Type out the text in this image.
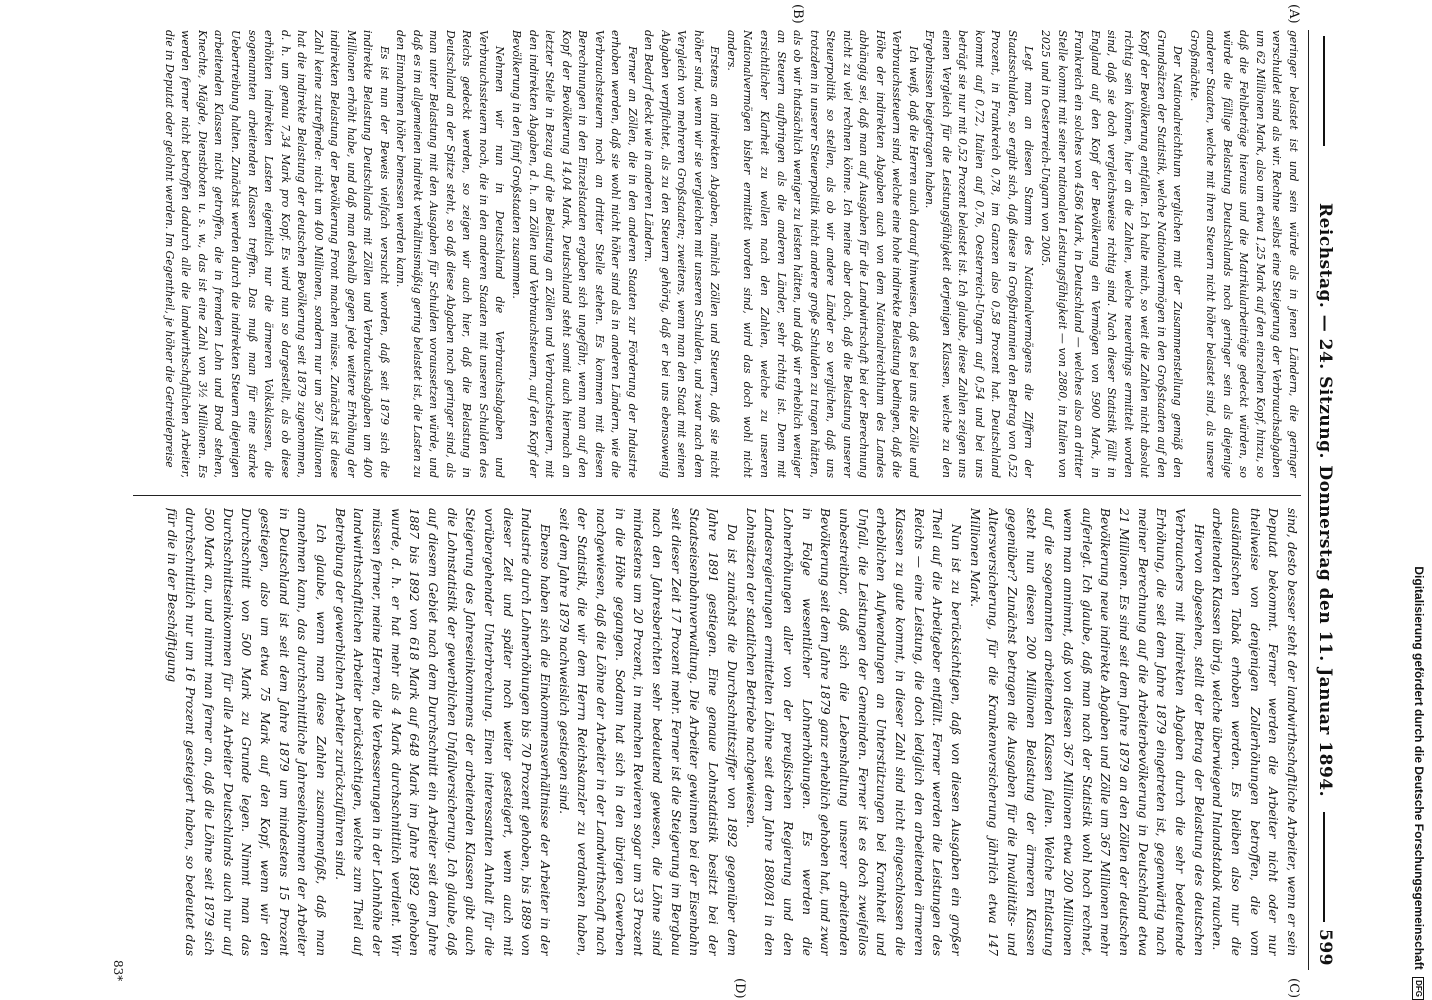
Digitalisierung gefördert durch die Deutsche Forschungsgemeinschaft DFG
Reichstag. — 24. Sitzung. Donnerstag den 11. Januar 1894.
599
(A)
(B)
(C)
(D)

geringer belastet ist und sein würde als in jenen Ländern, die geringer verschuldet sind als wir. Rechne selbst eine Steigerung der Verbrauchsabgaben um 62 Millionen Mark, also um etwa 1,25 Mark auf den einzelnen Kopf, hinzu, so daß die Fehlbeträge hieraus und die Matrikularbeiträge gedeckt würden, so würde die fällige Belastung Deutschlands noch geringer sein als diejenige anderer Staaten, welche mit ihren Steuern nicht höher belastet sind, als unsere Großmächte.

Der Nationalreichthum verglichen mit der Zusammenstellung gemäß den Grundsätzen der Statistik, welche Nationalvermögen in den Großstaaten auf den Kopf der Bevölkerung entfallen. Ich halte mich, so weit die Zahlen nicht absolut richtig sein können, hier an die Zahlen, welche neuerdings ermittelt worden sind, daß sie doch vergleichsweise richtig sind. Nach dieser Statistik fällt in England auf den Kopf der Bevölkerung ein Vermögen von 5900 Mark, in Frankreich ein solches von 4586 Mark, in Deutschland — welches also an dritter Stelle kommt mit seiner nationalen Leistungsfähigkeit — von 2880, in Italien von 2025 und in Oesterreich-Ungarn von 2005.

Legt man an diesen Stamm des Nationalvermögens die Ziffern der Staatsschulden, so ergibt sich, daß diese in Großbritannien den Betrag von 0,52 Prozent, in Frankreich 0,78, im Ganzen also 0,58 Prozent hat. Deutschland kommt auf 0,72, Italien auf 0,76, Oesterreich-Ungarn auf 0,54 und bei uns beträgt sie nur mit 0,52 Prozent belastet ist. Ich glaube, diese Zahlen zeigen uns einen Vergleich für die Leistungsfähigkeit derjenigen Klassen, welche zu den Ergebnissen beigetragen haben.

Ich weiß, daß die Herren auch darauf hinweisen, daß es bei uns die Zölle und Verbrauchssteuern sind, welche eine hohe indirekte Belastung bedingen, daß die Höhe der indirekten Abgaben auch von dem Nationalreichthum des Landes abhängig sei, daß man auf Ausgaben für die Landwirtschaft bei der Berechnung nicht zu viel rechnen könne. Ich meine aber doch, daß die Belastung unserer Steuerpolitik so stellen, als ob wir andere Länder so verglichen, daß uns trotzdem in unserer Steuerpolitik nicht andere große Schulden zu tragen hätten, als ob wir thatsächlich weniger zu leisten hätten, und daß wir erheblich weniger an Steuern aufbringen als die anderen Länder, sehr richtig ist. Denn mit ersichtlicher Klarheit zu wollen nach den Zahlen, welche zu unseren Nationalvermögen bisher ermittelt worden sind, wird das doch wohl nicht anders.

Erstens an indirekten Abgaben, nämlich Zöllen und Steuern, daß sie nicht höher sind, wenn wir sie vergleichen mit unseren Schulden, und zwar nach dem Vergleich von mehreren Großstaaten; zweitens, wenn man den Staat mit seinen Abgaben verpflichtet, als zu den Steuern gehörig, daß er bei uns ebensowenig den Bedarf deckt wie in anderen Ländern.

Ferner an Zöllen, die in den anderen Staaten zur Förderung der Industrie erhoben werden, daß sie wohl nicht höher sind als in anderen Ländern, wie die Verbrauchsteuern noch an dritter Stelle stehen. Es kommen mit diesen Berechnungen in den Einzelstaaten ergaben sich ungefähr, wenn man auf den Kopf der Bevölkerung 14,04 Mark, Deutschland steht somit auch hiernach an letzter Stelle in Bezug auf die Belastung an Zöllen und Verbrauchsteuern, mit den indirekten Abgaben, d. h. an Zöllen und Verbrauchsteuern, auf den Kopf der Bevölkerung in den fünf Großstaaten zusammen.

Nehmen wir nun in Deutschland die Verbrauchsabgaben und Verbrauchssteuern noch, die in den anderen Staaten mit unseren Schulden des Reichs gedeckt werden, so zeigen wir auch hier, daß die Belastung in Deutschland an der Spitze steht, so daß diese Abgaben noch geringer sind, als man unter Belastung mit den Ausgaben für Schulden voraussetzen würde, und daß es im allgemeinen indirekt verhältnismäßig gering belastet ist, die Lasten zu den Einnahmen höher bemessen werden kann.

Es ist nun der Beweis vielfach versucht worden, daß seit 1879 sich die indirekte Belastung Deutschlands mit Zöllen und Verbrauchsabgaben um 400 Millionen erhöht habe, und daß man deshalb gegen jede weitere Erhöhung der indirekten Belastung der Bevölkerung Front machen müsse. Zunächst ist diese Zahl keine zutreffende: nicht um 400 Millionen, sondern nur um 367 Millionen hat die indirekte Belastung der deutschen Bevölkerung seit 1879 zugenommen, d. h. um genau 7,34 Mark pro Kopf. Es wird nun so dargestellt, als ob diese erhöhten indirekten Lasten eigentlich nur die ärmeren Volksklassen, die sogenannten arbeitenden Klassen treffen. Das muß man für eine starke Uebertreibung halten. Zunächst werden durch die indirekten Steuern diejenigen arbeitenden Klassen nicht getroffen, die in fremdem Lohn und Brod stehen, Knechte, Mägde, Dienstboten u. s. w., das ist eine Zahl von 3½ Millionen. Es werden ferner nicht betroffen dadurch alle die landwirthschaftlichen Arbeiter, die in Deputat oder gelohnt werden. Im Gegentheil, je höher die Getreidepreise

sind, desto besser steht der landwirthschaftliche Arbeiter, wenn er sein Deputat bekommt. Ferner werden die Arbeiter nicht oder nur theilweise von denjenigen Zollerhöhungen betroffen, die vom ausländischen Tabak erhoben werden. Es bleiben also nur die arbeitenden Klassen übrig, welche überwiegend Inlandstabak rauchen.

Hiervon abgesehen, stellt der Betrag der Belastung des deutschen Verbrauchers mit indirekten Abgaben durch die sehr bedeutende Erhöhung, die seit dem Jahre 1879 eingetreten ist, gegenwärtig nach meiner Berechnung auf die Arbeiterbevölkerung in Deutschland etwa 21 Millionen. Es sind seit dem Jahre 1879 an den Zöllen der deutschen Bevölkerung neue indirekte Abgaben und Zölle um 367 Millionen mehr auferlegt. Ich glaube, daß man nach der Statistik wohl hoch rechnet, wenn man annimmt, daß von diesen 367 Millionen etwa 200 Millionen auf die sogenannten arbeitenden Klassen fallen. Welche Entlastung steht nun diesen 200 Millionen Belastung der ärmeren Klassen gegenüber? Zunächst betragen die Ausgaben für die Invaliditäts- und Altersversicherung, für die Krankenversicherung jährlich etwa 147 Millionen Mark.

Nun ist zu berücksichtigen, daß von diesen Ausgaben ein großer Theil auf die Arbeitgeber entfällt. Ferner werden die Leistungen des Reichs — eine Leistung, die doch lediglich den arbeitenden ärmeren Klassen zu gute kommt, in dieser Zahl sind nicht eingeschlossen die erheblichen Aufwendungen an Unterstützungen bei Krankheit und Unfall, die Leistungen der Gemeinden. Ferner ist es doch zweifellos unbestreitbar, daß sich die Lebenshaltung unserer arbeitenden Bevölkerung seit dem Jahre 1879 ganz erheblich gehoben hat, und zwar in Folge wesentlicher Lohnerhöhungen. Es werden die Lohnerhöhungen aller von der preußischen Regierung und den Landesregierungen ermittelten Löhne seit dem Jahre 1880/81 in den Lohnsätzen der staatlichen Betriebe nachgewiesen.

Da ist zunächst die Durchschnittsziffer von 1892 gegenüber dem Jahre 1891 gestiegen. Eine genaue Lohnstatistik besitzt bei der Staatseisenbahnverwaltung. Die Arbeiter gewinnen bei der Eisenbahn seit dieser Zeit 17 Prozent mehr. Ferner ist die Steigerung im Bergbau nach den Jahresberichten sehr bedeutend gewesen, die Löhne sind mindestens um 20 Prozent, in manchen Revieren sogar um 33 Prozent in die Höhe gegangen. Sodann hat sich in den übrigen Gewerben nachgewiesen, daß die Löhne der Arbeiter in der Landwirthschaft nach der Statistik, die wir dem Herrn Reichskanzler zu verdanken haben, seit dem Jahre 1879 nachweislich gestiegen sind.

Ebenso haben sich die Einkommensverhältnisse der Arbeiter in der Industrie durch Lohnerhöhungen bis 70 Prozent gehoben, bis 1889 von dieser Zeit und später noch weiter gesteigert, wenn auch mit vorübergehender Unterbrechung. Einen interessanten Anhalt für die Steigerung des Jahreseinkommens der arbeitenden Klassen gibt auch die Lohnstatistik der gewerblichen Unfallversicherung. Ich glaube, daß auf diesem Gebiet nach dem Durchschnitt ein Arbeiter seit dem Jahre 1887 bis 1892 von 618 Mark auf 648 Mark im Jahre 1892 gehoben wurde, d. h. er hat mehr als 4 Mark durchschnittlich verdient. Wir müssen ferner, meine Herren, die Verbesserungen in der Lohnhöhe der landwirthschaftlichen Arbeiter berücksichtigen, welche zum Theil auf Betreibung der gewerblichen Arbeiter zurückzuführen sind.

Ich glaube, wenn man diese Zahlen zusammenfaßt, daß man annehmen kann, das durchschnittliche Jahreseinkommen der Arbeiter in Deutschland ist seit dem Jahre 1879 um mindestens 15 Prozent gestiegen, also um etwa 75 Mark auf den Kopf, wenn wir den Durchschnitt von 500 Mark zu Grunde legen. Nimmt man das Durchschnittseinkommen für alle Arbeiter Deutschlands auch nur auf 500 Mark an, und nimmt man ferner an, daß die Löhne seit 1879 sich durchschnittlich nur um 16 Prozent gesteigert haben, so bedeutet das für die in der Beschäftigung

83*
